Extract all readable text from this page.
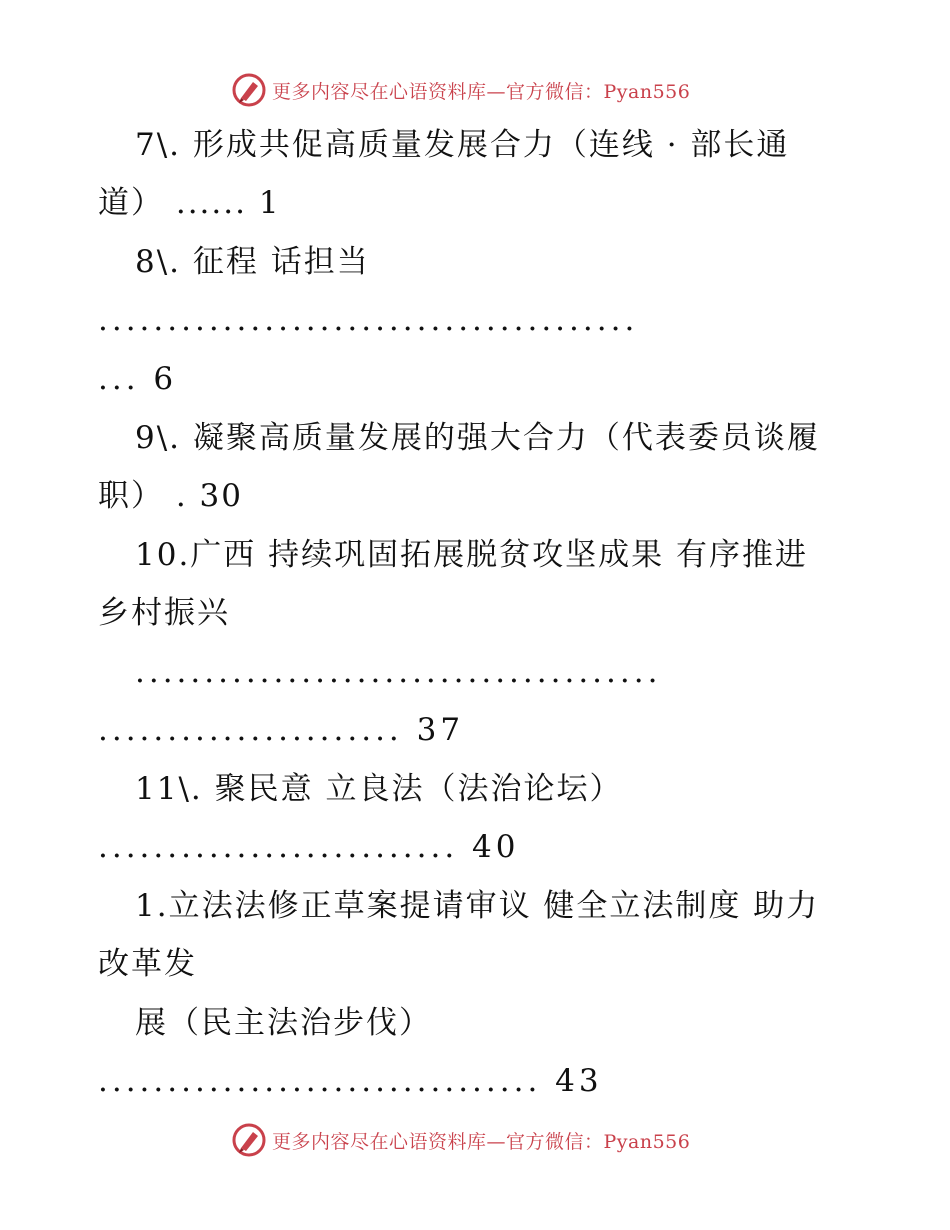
更多内容尽在心语资料库—官方微信：Pyan556
7\. 形成共促高质量发展合力（连线 · 部长通
道） ...... 1
8\. 征程 话担当
.......................................
... 6
9\. 凝聚高质量发展的强大合力（代表委员谈履
职） . 30
10.广西 持续巩固拓展脱贫攻坚成果 有序推进
乡村振兴
......................................
...................... 37
11\. 聚民意 立良法（法治论坛）
.......................... 40
1.立法法修正草案提请审议 健全立法制度 助力
改革发
展（民主法治步伐）
................................ 43
更多内容尽在心语资料库—官方微信：Pyan556
